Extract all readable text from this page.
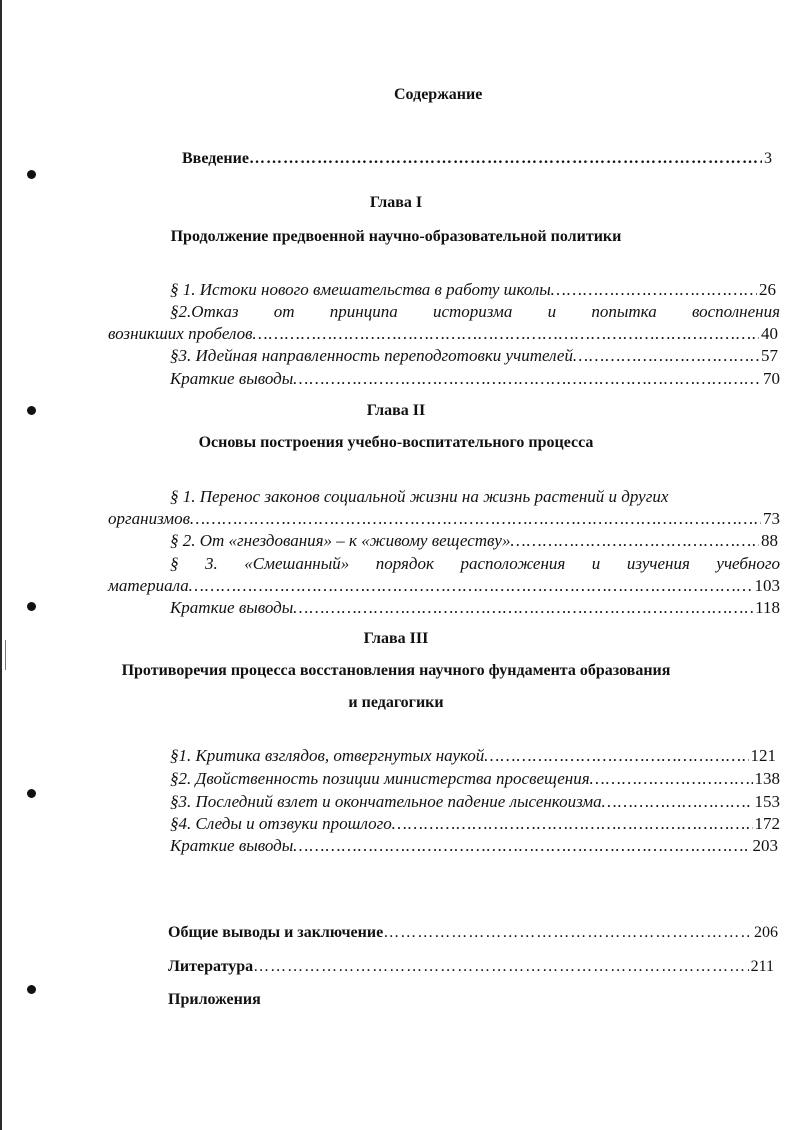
Содержание
Введение …………………………………………………………………………………………………………………………………………………………………………………………………………	3
Глава I
Продолжение предвоенной научно-образовательной политики
§ 1. Истоки нового вмешательства в работу школы …………………………………………………………………………………………………………………………………………………………………………………………………………	26
§2.Отказ от принципа историзма и попытка восполнения
возникших пробелов …………………………………………………………………………………………………………………………………………………………………………………………………………	40
§3. Идейная направленность переподготовки учителей …………………………………………………………………………………………………………………………………………………………………………………………………………	57
Краткие выводы …………………………………………………………………………………………………………………………………………………………………………………………………………	70
Глава II
Основы построения учебно-воспитательного процесса
§ 1. Перенос законов социальной жизни на жизнь растений и других
организмов …………………………………………………………………………………………………………………………………………………………………………………………………………	73
§ 2. От «гнездования» – к «живому веществу» …………………………………………………………………………………………………………………………………………………………………………………………………………	88
§ 3. «Смешанный» порядок расположения и изучения учебного
материала …………………………………………………………………………………………………………………………………………………………………………………………………………	103
Краткие выводы …………………………………………………………………………………………………………………………………………………………………………………………………………	118
Глава III
Противоречия процесса восстановления научного фундамента образования
и педагогики
§1. Критика взглядов, отвергнутых наукой …………………………………………………………………………………………………………………………………………………………………………………………………………	121
§2. Двойственность позиции министерства просвещения …………………………………………………………………………………………………………………………………………………………………………………………………………	138
§3. Последний взлет и окончательное падение лысенкоизма …………………………………………………………………………………………………………………………………………………………………………………………………………	153
§4. Следы и отзвуки прошлого …………………………………………………………………………………………………………………………………………………………………………………………………………	172
Краткие выводы …………………………………………………………………………………………………………………………………………………………………………………………………………	203
Общие выводы и заключение …………………………………………………………………………………………………………………………………………………………………………………………………………	206
Литература …………………………………………………………………………………………………………………………………………………………………………………………………………	211
Приложения
